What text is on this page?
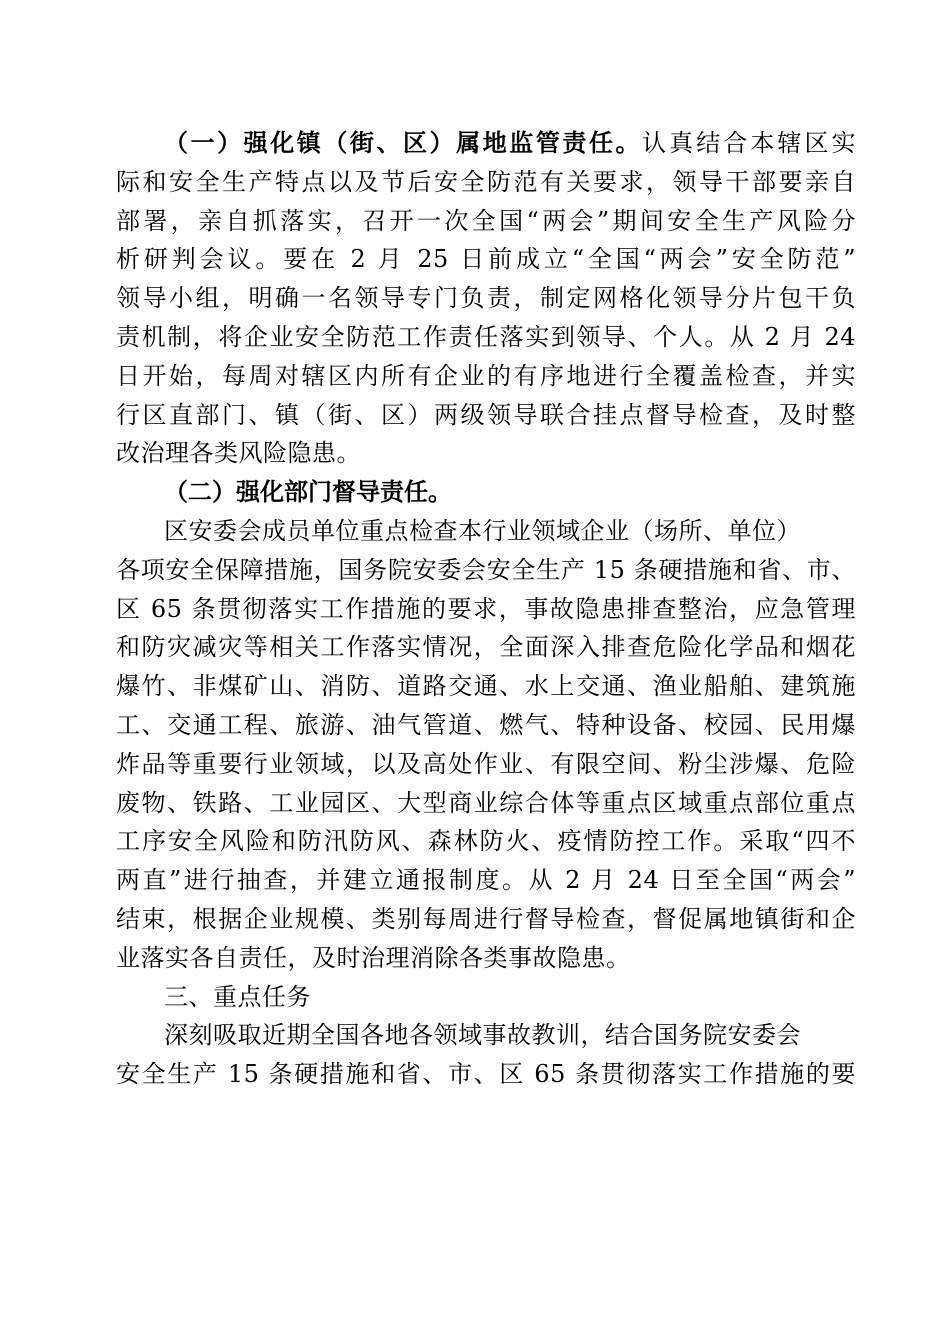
（一）强化镇（街、区）属地监管责任。认真结合本辖区实
际和安全生产特点以及节后安全防范有关要求，领导干部要亲自
部署，亲自抓落实，召开一次全国“两会”期间安全生产风险分
析研判会议。要在 2 月 25 日前成立“全国“两会”安全防范”
领导小组，明确一名领导专门负责，制定网格化领导分片包干负
责机制，将企业安全防范工作责任落实到领导、个人。从 2 月 24
日开始，每周对辖区内所有企业的有序地进行全覆盖检查，并实
行区直部门、镇（街、区）两级领导联合挂点督导检查，及时整
改治理各类风险隐患。
（二）强化部门督导责任。
区安委会成员单位重点检查本行业领域企业（场所、单位）
各项安全保障措施，国务院安委会安全生产 15 条硬措施和省、市、
区 65 条贯彻落实工作措施的要求，事故隐患排查整治，应急管理
和防灾减灾等相关工作落实情况，全面深入排查危险化学品和烟花
爆竹、非煤矿山、消防、道路交通、水上交通、渔业船舶、建筑施
工、交通工程、旅游、油气管道、燃气、特种设备、校园、民用爆
炸品等重要行业领域，以及高处作业、有限空间、粉尘涉爆、危险
废物、铁路、工业园区、大型商业综合体等重点区域重点部位重点
工序安全风险和防汛防风、森林防火、疫情防控工作。采取“四不
两直”进行抽查，并建立通报制度。从 2 月 24 日至全国“两会”
结束，根据企业规模、类别每周进行督导检查，督促属地镇街和企
业落实各自责任，及时治理消除各类事故隐患。
三、重点任务
深刻吸取近期全国各地各领域事故教训，结合国务院安委会
安全生产 15 条硬措施和省、市、区 65 条贯彻落实工作措施的要
